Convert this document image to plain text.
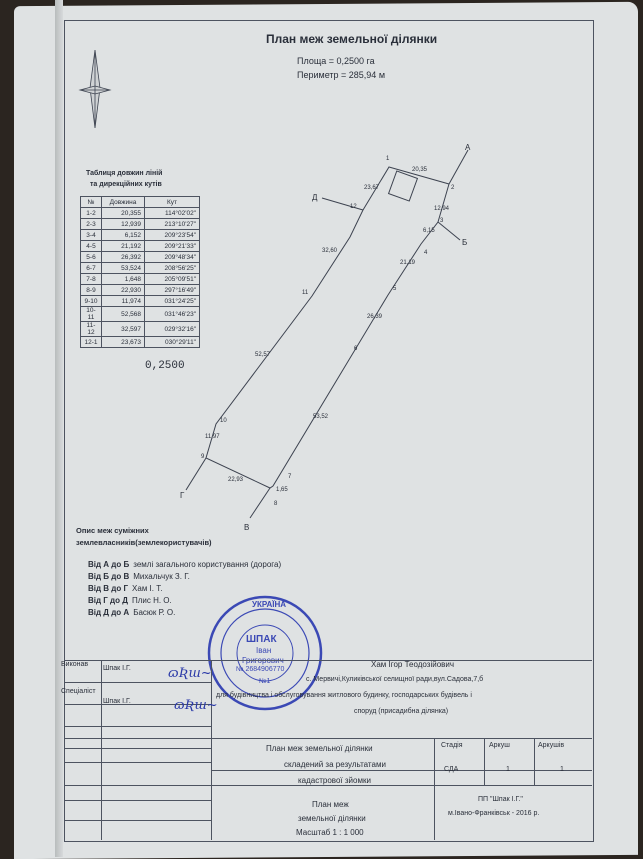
План меж земельної ділянки
Площа = 0,2500 га
Периметр = 285,94 м
1
2
3
4
5
6
7
8
9
10
11
12
20,35
12,94
6,15
21,19
26,39
53,52
1,65
22,93
11,97
52,57
32,60
23,67
А
Б
В
Г
Д
Таблиця довжин ліній
та дирекційних кутів
№	Довжина	Кут
1-2	20,355	114°02'02"
2-3	12,939	213°10'27"
3-4	6,152	209°23'54"
4-5	21,192	209°21'33"
5-6	26,392	209°48'34"
6-7	53,524	208°56'25"
7-8	1,648	205°09'51"
8-9	22,930	297°16'49"
9-10	11,974	031°24'25"
10-11	52,568	031°46'23"
11-12	32,597	029°32'16"
12-1	23,673	030°29'11"
0,2500
Опис меж суміжних
землевласників(землекористувачів)
Від А до Б землі загального користування (дорога)
Від Б до В Михальчук З. Г.
Від В до Г Хам І. Т.
Від Г до Д Плис Н. О.
Від Д до А Басюк Р. О.
УКРАЇНА
ШПАК
Іван
Григорович
№ 2684906770
№1
Виконав
Шпак І.Г.
Спеціаліст
Шпак І.Г.
ɷƦш~
ɷƦш~
Хам Ігор Теодозійович
с. Мервичі,Куликівської селищної ради,вул.Садова,7,б
для будівництва і обслуговування житлового будинку, господарських будівель і
споруд (присадибна ділянка)
План меж земельної ділянки
складений за результатами
кадастрової зйомки
Стадія	Аркуш	Аркушів
СДА	1	1
План меж
земельної ділянки
Масштаб 1 : 1 000
ПП "Шпак І.Г."
м.Івано-Франківськ - 2016 р.
